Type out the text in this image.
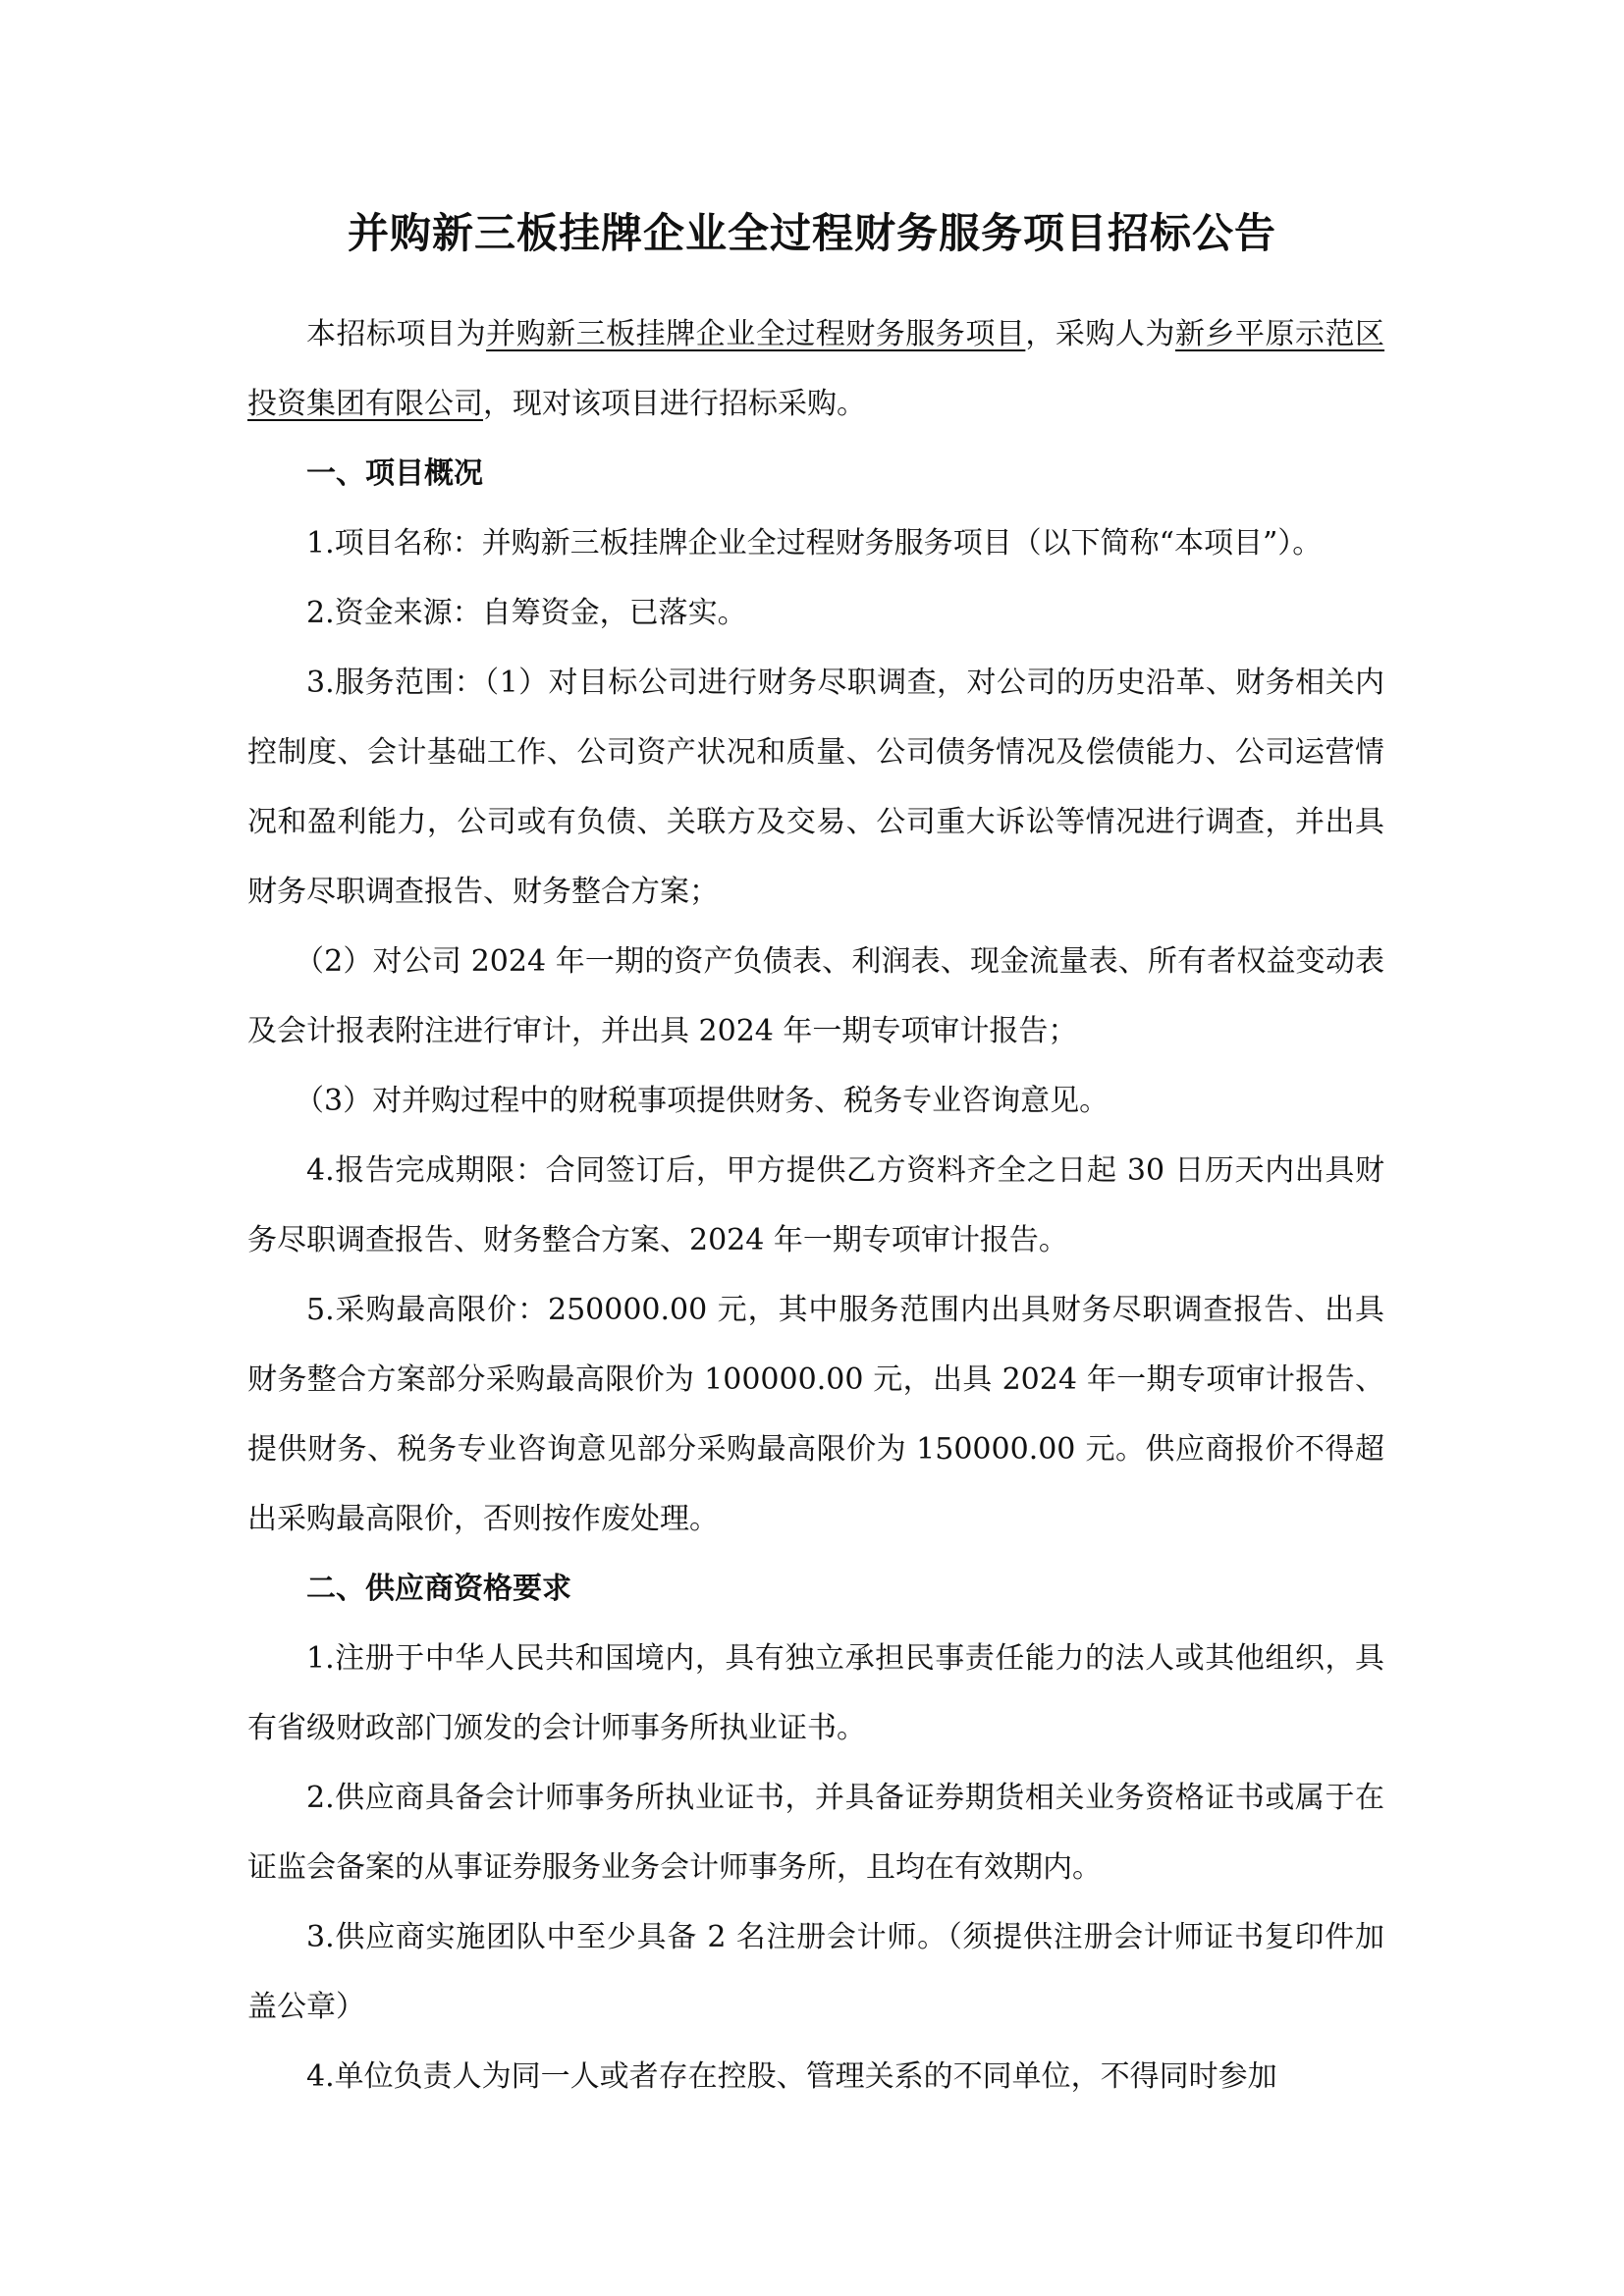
并购新三板挂牌企业全过程财务服务项目招标公告

本招标项目为并购新三板挂牌企业全过程财务服务项目，采购人为新乡平原示范区投资集团有限公司，现对该项目进行招标采购。

一、项目概况

1.项目名称：并购新三板挂牌企业全过程财务服务项目（以下简称“本项目”）。

2.资金来源：自筹资金，已落实。

3.服务范围：（1）对目标公司进行财务尽职调查，对公司的历史沿革、财务相关内控制度、会计基础工作、公司资产状况和质量、公司债务情况及偿债能力、公司运营情况和盈利能力，公司或有负债、关联方及交易、公司重大诉讼等情况进行调查，并出具财务尽职调查报告、财务整合方案；

（2）对公司 2024 年一期的资产负债表、利润表、现金流量表、所有者权益变动表及会计报表附注进行审计，并出具 2024 年一期专项审计报告；

（3）对并购过程中的财税事项提供财务、税务专业咨询意见。

4.报告完成期限：合同签订后，甲方提供乙方资料齐全之日起 30 日历天内出具财务尽职调查报告、财务整合方案、2024 年一期专项审计报告。

5.采购最高限价：250000.00 元，其中服务范围内出具财务尽职调查报告、出具财务整合方案部分采购最高限价为 100000.00 元，出具 2024 年一期专项审计报告、提供财务、税务专业咨询意见部分采购最高限价为 150000.00 元。供应商报价不得超出采购最高限价，否则按作废处理。

二、供应商资格要求

1.注册于中华人民共和国境内，具有独立承担民事责任能力的法人或其他组织，具有省级财政部门颁发的会计师事务所执业证书。

2.供应商具备会计师事务所执业证书，并具备证券期货相关业务资格证书或属于在证监会备案的从事证券服务业务会计师事务所，且均在有效期内。

3.供应商实施团队中至少具备 2 名注册会计师。（须提供注册会计师证书复印件加盖公章）

4.单位负责人为同一人或者存在控股、管理关系的不同单位，不得同时参加
